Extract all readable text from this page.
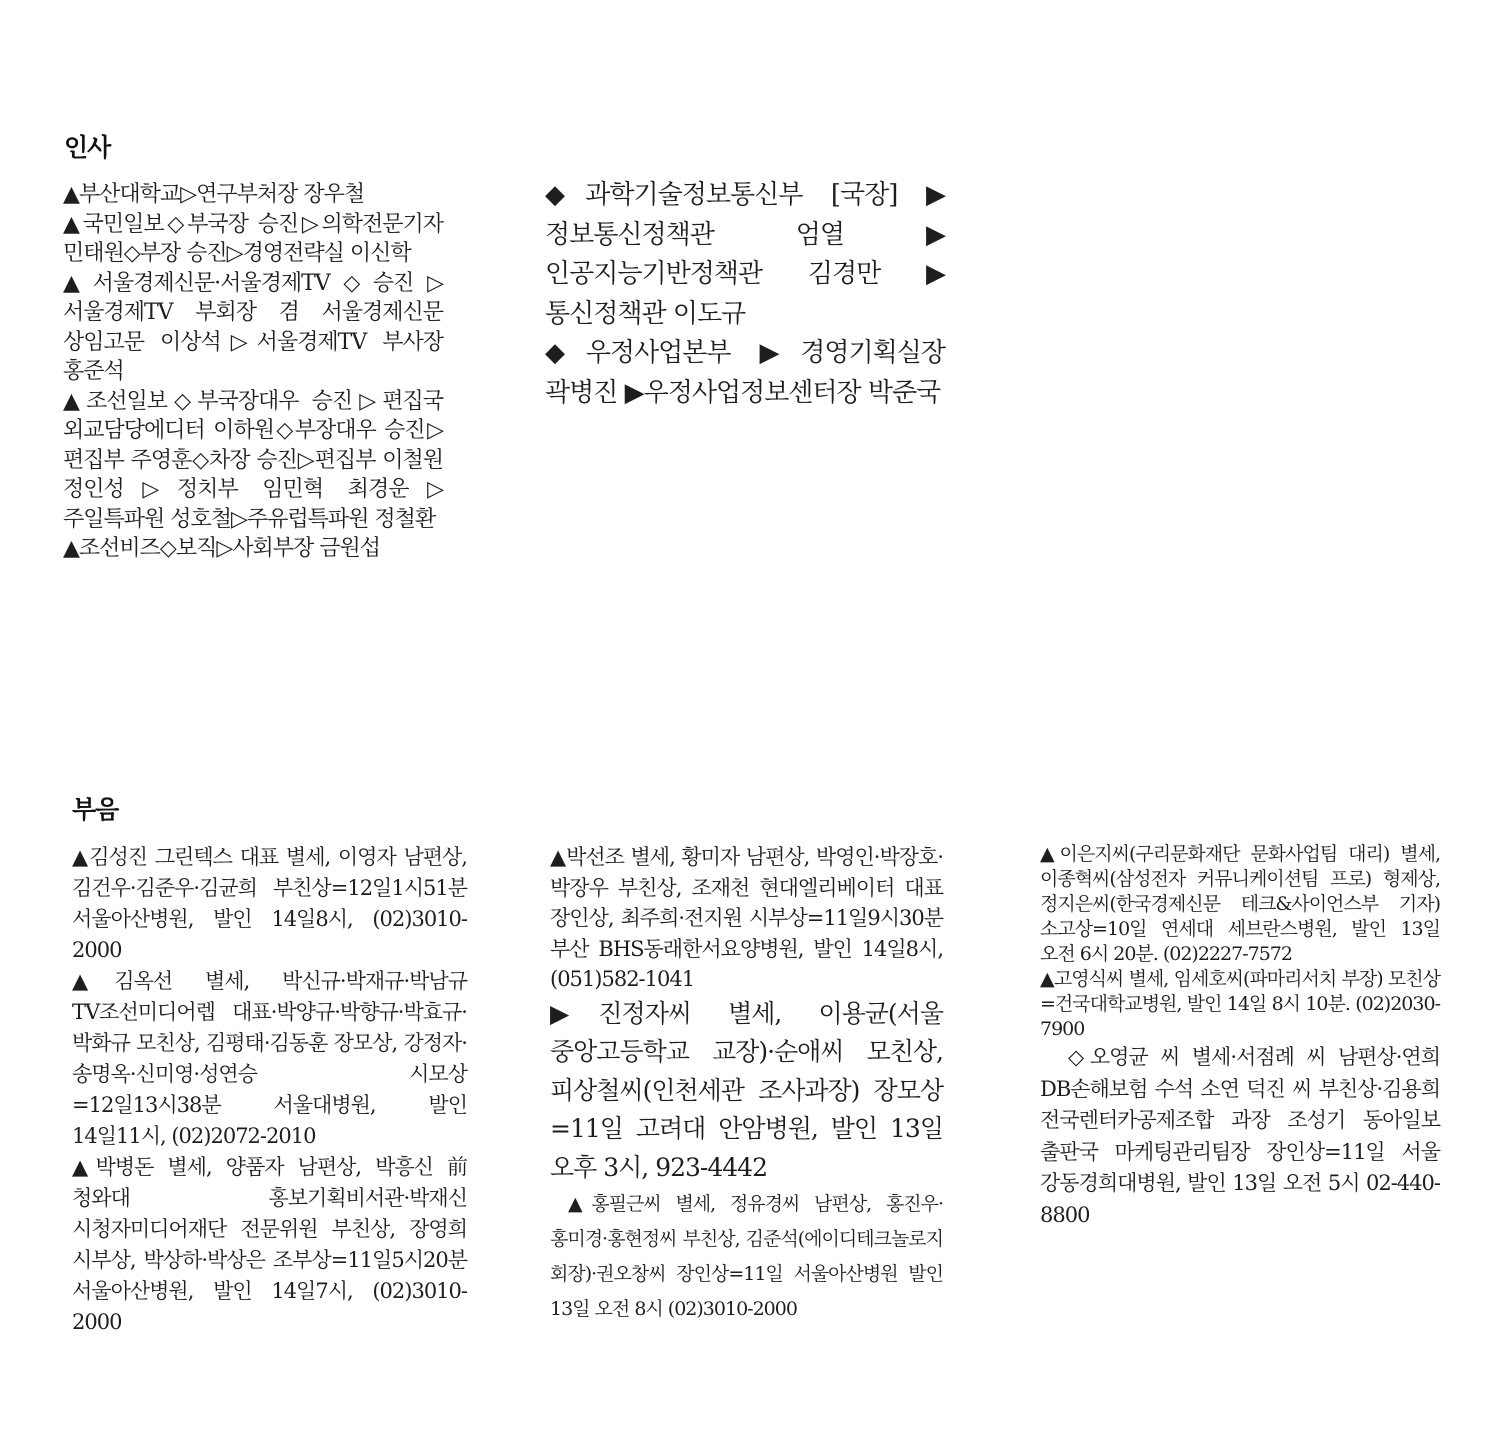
인사

▲부산대학교▷연구부처장 장우철

▲국민일보◇부국장 승진▷의학전문기자 민태원◇부장 승진▷경영전략실 이신학

▲서울경제신문·서울경제TV◇승진▷서울경제TV 부회장 겸 서울경제신문 상임고문 이상석▷서울경제TV 부사장 홍준석

▲조선일보◇부국장대우 승진▷편집국 외교담당에디터 이하원◇부장대우 승진▷편집부 주영훈◇차장 승진▷편집부 이철원 정인성▷정치부 임민혁 최경운▷주일특파원 성호철▷주유럽특파원 정철환

▲조선비즈◇보직▷사회부장 금원섭

◆과학기술정보통신부 [국장] ▶정보통신정책관 엄열 ▶인공지능기반정책관 김경만 ▶통신정책관 이도규

◆우정사업본부 ▶경영기획실장 곽병진 ▶우정사업정보센터장 박준국

부음

▲김성진 그린텍스 대표 별세, 이영자 남편상, 김건우·김준우·김균희 부친상=12일1시51분 서울아산병원, 발인 14일8시, (02)3010-2000

▲김옥선 별세, 박신규·박재규·박남규 TV조선미디어렙 대표·박양규·박향규·박효규·박화규 모친상, 김평태·김동훈 장모상, 강정자·송명옥·신미영·성연승 시모상=12일13시38분 서울대병원, 발인 14일11시, (02)2072-2010

▲박병돈 별세, 양품자 남편상, 박흥신 前 청와대 홍보기획비서관·박재신 시청자미디어재단 전문위원 부친상, 장영희 시부상, 박상하·박상은 조부상=11일5시20분 서울아산병원, 발인 14일7시, (02)3010-2000

▲박선조 별세, 황미자 남편상, 박영인·박장호·박장우 부친상, 조재천 현대엘리베이터 대표 장인상, 최주희·전지원 시부상=11일9시30분 부산 BHS동래한서요양병원, 발인 14일8시, (051)582-1041

▶진정자씨 별세, 이용균(서울 중앙고등학교 교장)·순애씨 모친상, 피상철씨(인천세관 조사과장) 장모상=11일 고려대 안암병원, 발인 13일 오후 3시, 923-4442

▲홍필근씨 별세, 정유경씨 남편상, 홍진우·홍미경·홍현정씨 부친상, 김준석(에이디테크놀로지 회장)·권오창씨 장인상=11일 서울아산병원 발인 13일 오전 8시 (02)3010-2000

▲이은지씨(구리문화재단 문화사업팀 대리) 별세, 이종혁씨(삼성전자 커뮤니케이션팀 프로) 형제상, 정지은씨(한국경제신문 테크&사이언스부 기자) 소고상=10일 연세대 세브란스병원, 발인 13일 오전 6시 20분. (02)2227-7572

▲고영식씨 별세, 임세호씨(파마리서치 부장) 모친상=건국대학교병원, 발인 14일 8시 10분. (02)2030-7900

◇오영균 씨 별세·서점례 씨 남편상·연희 DB손해보험 수석 소연 덕진 씨 부친상·김용희 전국렌터카공제조합 과장 조성기 동아일보 출판국 마케팅관리팀장 장인상=11일 서울 강동경희대병원, 발인 13일 오전 5시 02-440-8800
